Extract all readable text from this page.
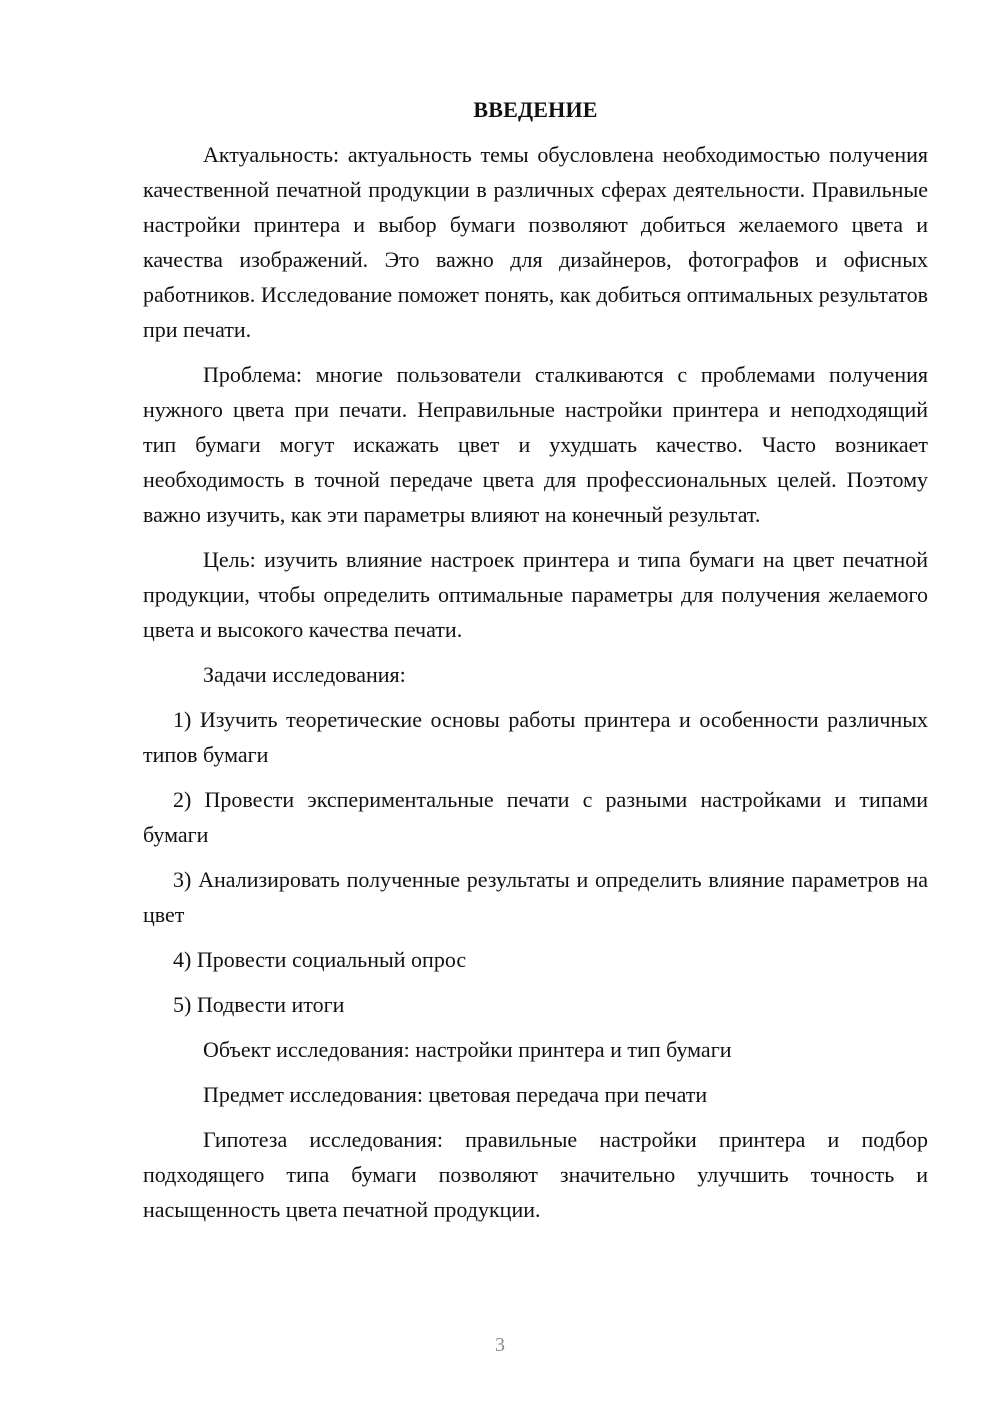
ВВЕДЕНИЕ

Актуальность: актуальность темы обусловлена необходимостью получения качественной печатной продукции в различных сферах деятельности. Правильные настройки принтера и выбор бумаги позволяют добиться желаемого цвета и качества изображений. Это важно для дизайнеров, фотографов и офисных работников. Исследование поможет понять, как добиться оптимальных результатов при печати.

Проблема: многие пользователи сталкиваются с проблемами получения нужного цвета при печати. Неправильные настройки принтера и неподходящий тип бумаги могут искажать цвет и ухудшать качество. Часто возникает необходимость в точной передаче цвета для профессиональных целей. Поэтому важно изучить, как эти параметры влияют на конечный результат.

Цель: изучить влияние настроек принтера и типа бумаги на цвет печатной продукции, чтобы определить оптимальные параметры для получения желаемого цвета и высокого качества печати.

Задачи исследования:

1) Изучить теоретические основы работы принтера и особенности различных типов бумаги

2) Провести экспериментальные печати с разными настройками и типами бумаги

3) Анализировать полученные результаты и определить влияние параметров на цвет

4) Провести социальный опрос

5) Подвести итоги

Объект исследования: настройки принтера и тип бумаги

Предмет исследования: цветовая передача при печати

Гипотеза исследования: правильные настройки принтера и подбор подходящего типа бумаги позволяют значительно улучшить точность и насыщенность цвета печатной продукции.

3
